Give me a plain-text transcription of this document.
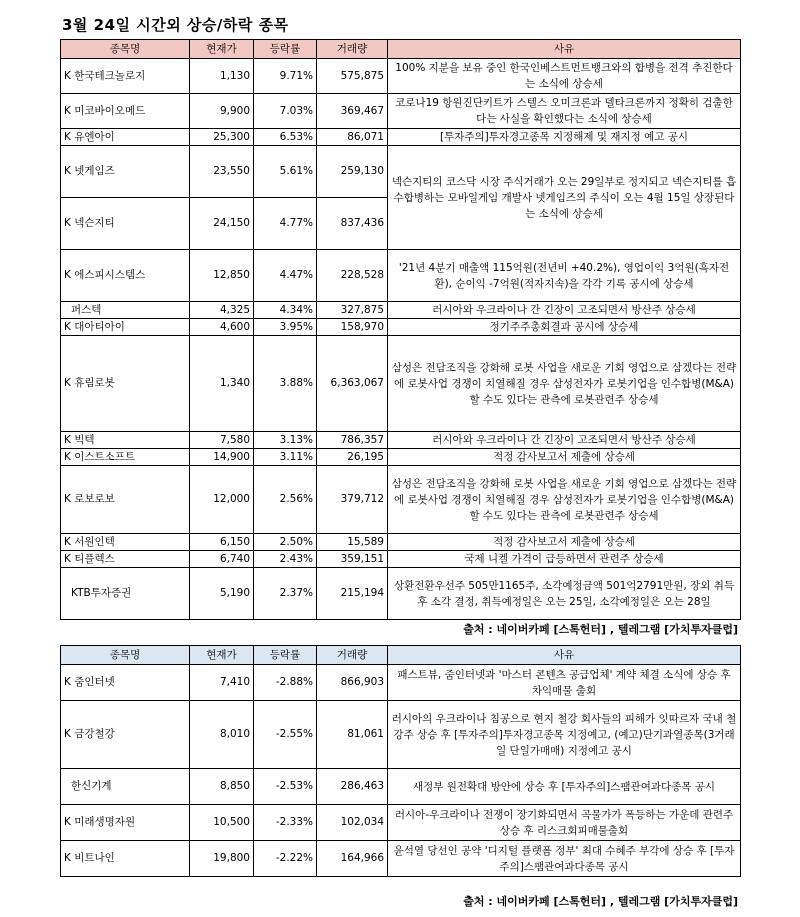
3월 24일 시간외 상승/하락 종목
종목명	현재가	등락률	거래량	사유
K 한국테크놀로지	1,130	9.71%	575,875	100% 지분을 보유 중인 한국인베스트먼트뱅크와의 합병을 전격 추진한다는 소식에 상승세
K 미코바이오메드	9,900	7.03%	369,467	코로나19 항원진단키트가 스텔스 오미크론과 델타크론까지 정확히 검출한다는 사실을 확인했다는 소식에 상승세
K 유엔아이	25,300	6.53%	86,071	[투자주의]투자경고종목 지정해제 및 재지정 예고 공시
K 넷게임즈	23,550	5.61%	259,130	넥슨지티의 코스닥 시장 주식거래가 오는 29일부로 정지되고 넥슨지티를 흡수합병하는 모바일게임 개발사 넷게임즈의 주식이 오는 4월 15일 상장된다는 소식에 상승세
K 넥슨지티	24,150	4.77%	837,436	
K 에스피시스템스	12,850	4.47%	228,528	'21년 4분기 매출액 115억원(전년비 +40.2%), 영업이익 3억원(흑자전환), 순이익 -7억원(적자지속)을 각각 기록 공시에 상승세
퍼스텍	4,325	4.34%	327,875	러시아와 우크라이나 간 긴장이 고조되면서 방산주 상승세
K 대아티아이	4,600	3.95%	158,970	정기주주총회결과 공시에 상승세
K 휴림로봇	1,340	3.88%	6,363,067	삼성은 전담조직을 강화해 로봇 사업을 새로운 기회 영업으로 삼겠다는 전략에 로봇사업 경쟁이 치열해질 경우 삼성전자가 로봇기업을 인수합병(M&A)할 수도 있다는 관측에 로봇관련주 상승세
K 빅텍	7,580	3.13%	786,357	러시아와 우크라이나 간 긴장이 고조되면서 방산주 상승세
K 이스트소프트	14,900	3.11%	26,195	적정 감사보고서 제출에 상승세
K 로보로보	12,000	2.56%	379,712	삼성은 전담조직을 강화해 로봇 사업을 새로운 기회 영업으로 삼겠다는 전략에 로봇사업 경쟁이 치열해질 경우 삼성전자가 로봇기업을 인수합병(M&A)할 수도 있다는 관측에 로봇관련주 상승세
K 서원인텍	6,150	2.50%	15,589	적정 감사보고서 제출에 상승세
K 티플렉스	6,740	2.43%	359,151	국제 니켈 가격이 급등하면서 관련주 상승세
KTB투자증권	5,190	2.37%	215,194	상환전환우선주 505만1165주, 소각예정금액 501억2791만원, 장외 취득 후 소각 결정, 취득예정일은 오는 25일, 소각예정일은 오는 28일
출처 : 네이버카페 [스톡헌터] , 텔레그램 [가치투자클럽]
종목명	현재가	등락률	거래량	사유
K 줌인터넷	7,410	-2.88%	866,903	패스트뷰, 줌인터넷과 '마스터 콘텐츠 공급업체' 계약 체결 소식에 상승 후 차익매물 출회
K 금강철강	8,010	-2.55%	81,061	러시아의 우크라이나 침공으로 현지 철강 회사들의 피해가 잇따르자 국내 철강주 상승 후 [투자주의]투자경고종목 지정예고, (예고)단기과열종목(3거래일 단일가매매) 지정예고 공시
한신기계	8,850	-2.53%	286,463	새정부 원전확대 방안에 상승 후 [투자주의]스팸관여과다종목 공시
K 미래생명자원	10,500	-2.33%	102,034	러시아-우크라이나 전쟁이 장기화되면서 곡물가가 폭등하는 가운데 관련주 상승 후 리스크회피매물출회
K 비트나인	19,800	-2.22%	164,966	윤석열 당선인 공약 '디지털 플랫폼 정부' 최대 수혜주 부각에 상승 후 [투자주의]스팸관여과다종목 공시
출처 : 네이버카페 [스톡헌터] , 텔레그램 [가치투자클럽]
